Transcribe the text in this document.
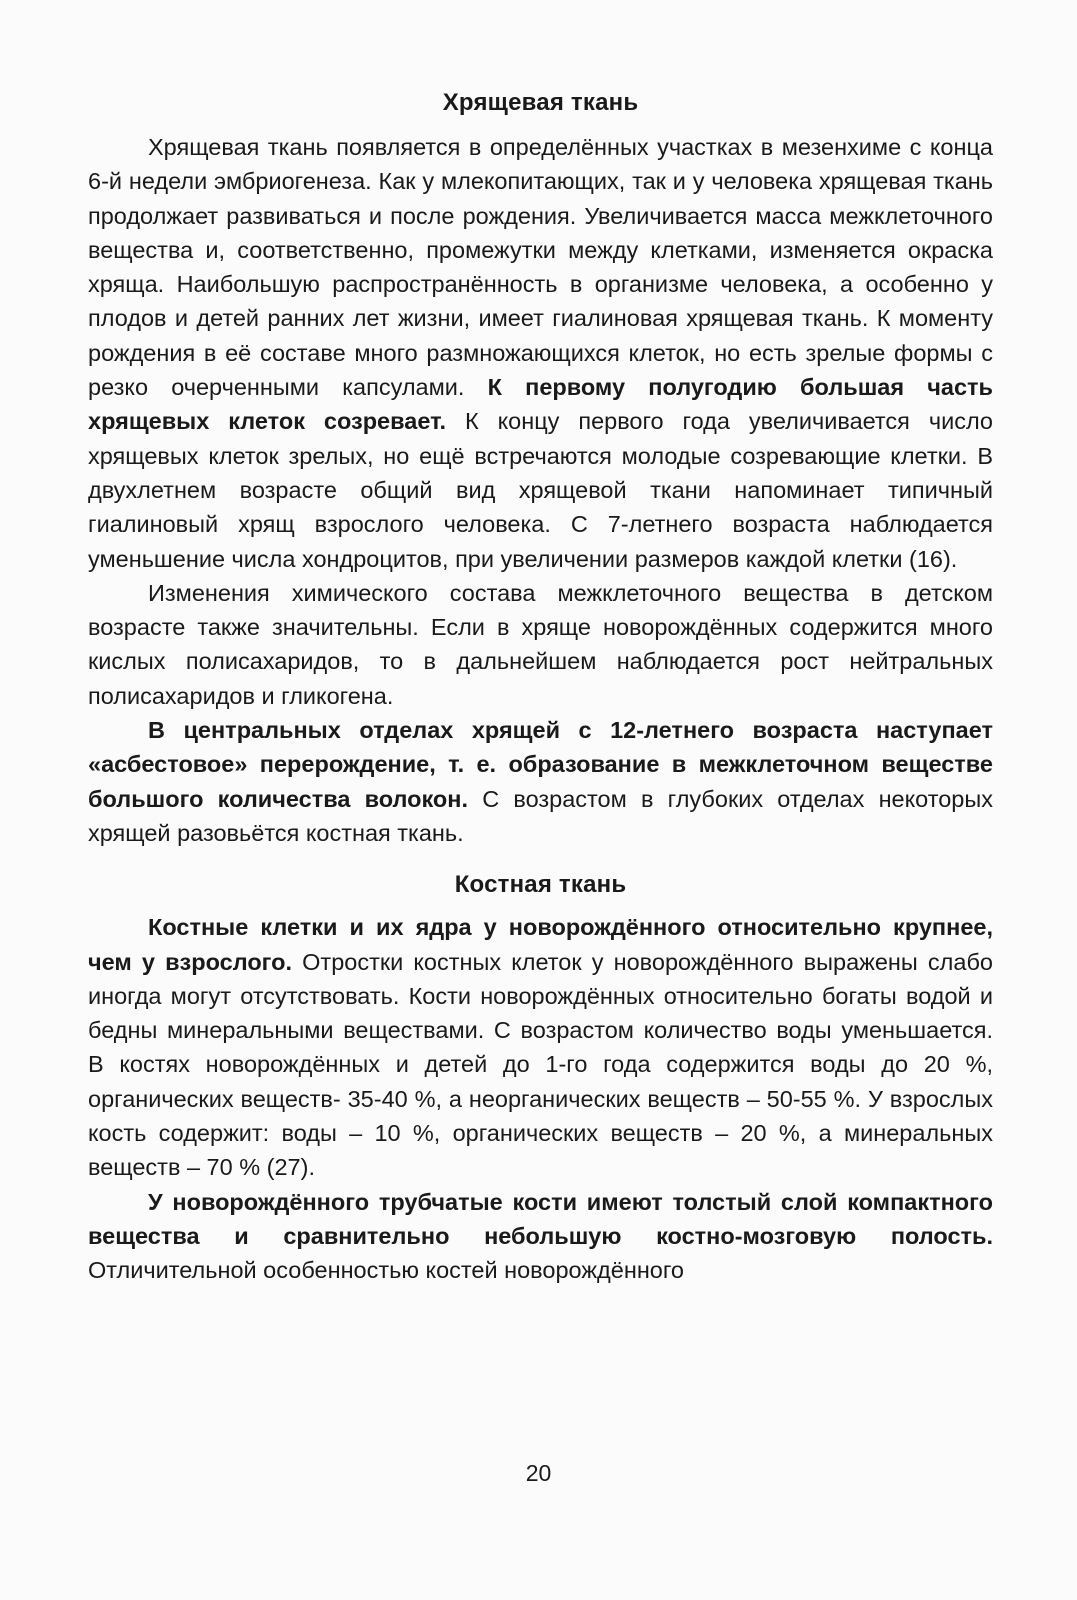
Хрящевая ткань

Хрящевая ткань появляется в определённых участках в мезенхиме с конца 6-й недели эмбриогенеза. Как у млекопитающих, так и у человека хрящевая ткань продолжает развиваться и после рождения. Увеличивается масса межклеточного вещества и, соответственно, промежутки между клетками, изменяется окраска хряща. Наибольшую распространённость в организме человека, а особенно у плодов и детей ранних лет жизни, имеет гиалиновая хрящевая ткань. К моменту рождения в её составе много размножающихся клеток, но есть зрелые формы с резко очерченными капсулами. К первому полугодию большая часть хрящевых клеток созревает. К концу первого года увеличивается число хрящевых клеток зрелых, но ещё встречаются молодые созревающие клетки. В двухлетнем возрасте общий вид хрящевой ткани напоминает типичный гиалиновый хрящ взрослого человека. С 7-летнего возраста наблюдается уменьшение числа хондроцитов, при увеличении размеров каждой клетки (16).

Изменения химического состава межклеточного вещества в детском возрасте также значительны. Если в хряще новорождённых содержится много кислых полисахаридов, то в дальнейшем наблюдается рост нейтральных полисахаридов и гликогена.

В центральных отделах хрящей с 12-летнего возраста наступает «асбестовое» перерождение, т. е. образование в межклеточном веществе большого количества волокон. С возрастом в глубоких отделах некоторых хрящей разовьётся костная ткань.

Костная ткань

Костные клетки и их ядра у новорождённого относительно крупнее, чем у взрослого. Отростки костных клеток у новорождённого выражены слабо иногда могут отсутствовать. Кости новорождённых относительно богаты водой и бедны минеральными веществами. С возрастом количество воды уменьшается. В костях новорождённых и детей до 1-го года содержится воды до 20 %, органических веществ- 35-40 %, а неорганических веществ – 50-55 %. У взрослых кость содержит: воды – 10 %, органических веществ – 20 %, а минеральных веществ – 70 % (27).

У новорождённого трубчатые кости имеют толстый слой компактного вещества и сравнительно небольшую костно-мозговую полость. Отличительной особенностью костей новорождённого

20
